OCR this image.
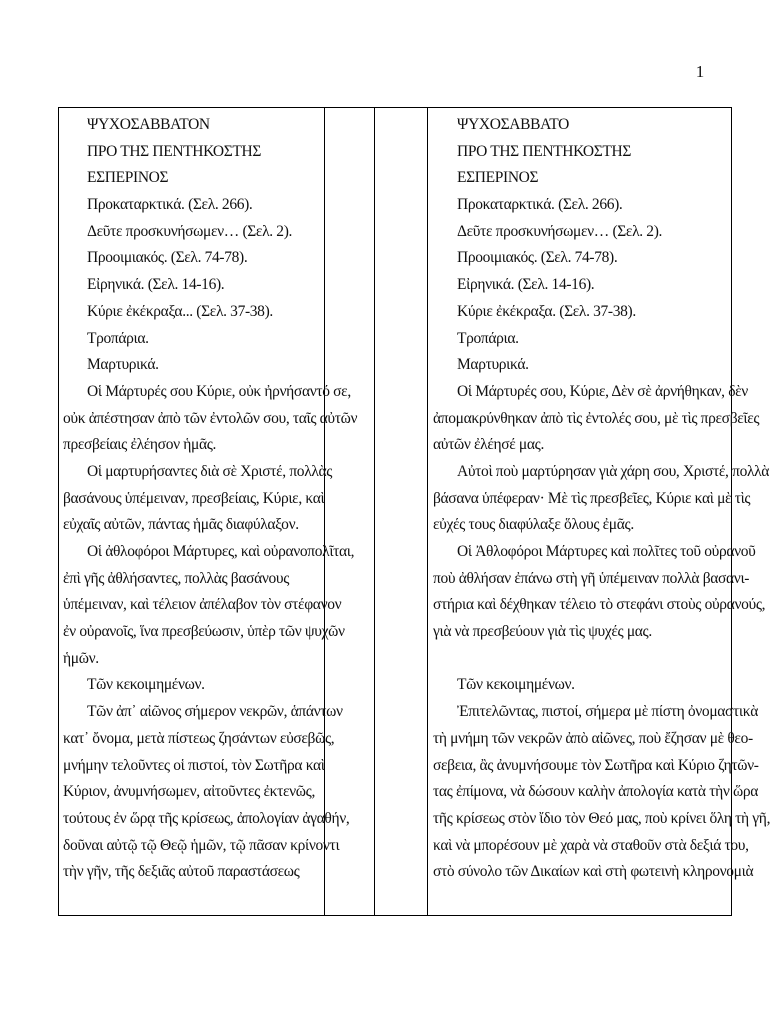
1
ΨΥΧΟΣΑΒΒΑΤΟΝ
ΠΡΟ ΤΗΣ ΠΕΝΤΗΚΟΣΤΗΣ
ΕΣΠΕΡΙΝΟΣ
Προκαταρκτικά. (Σελ. 266).
Δεῦτε προσκυνήσωμεν… (Σελ. 2).
Προοιμιακός. (Σελ. 74-78).
Εἰρηνικά. (Σελ. 14-16).
Κύριε ἐκέκραξα... (Σελ. 37-38).
Τροπάρια.
Μαρτυρικά.
Οἱ Μάρτυρές σου Κύριε, οὐκ ἠρνήσαντό σε,
οὐκ ἀπέστησαν ἀπὸ τῶν ἐντολῶν σου, ταῖς αὐτῶν
πρεσβείαις ἐλέησον ἡμᾶς.
Οἱ μαρτυρήσαντες διὰ σὲ Χριστέ, πολλὰς
βασάνους ὑπέμειναν, πρεσβείαις, Κύριε, καὶ
εὐχαῖς αὐτῶν, πάντας ἡμᾶς διαφύλαξον.
Οἱ ἀθλοφόροι Μάρτυρες, καὶ οὐρανοπολῖται,
ἐπὶ γῆς ἀθλήσαντες, πολλὰς βασάνους
ὑπέμειναν, καὶ τέλειον ἀπέλαβον τὸν στέφανον
ἐν οὐρανοῖς, ἵνα πρεσβεύωσιν, ὑπὲρ τῶν ψυχῶν
ἡμῶν.
Τῶν κεκοιμημένων.
Τῶν ἀπ᾽ αἰῶνος σήμερον νεκρῶν, ἁπάντων
κατ᾽ ὄνομα, μετὰ πίστεως ζησάντων εὐσεβῶς,
μνήμην τελοῦντες οἱ πιστοί, τὸν Σωτῆρα καὶ
Κύριον, ἀνυμνήσωμεν, αἰτοῦντες ἐκτενῶς,
τούτους ἐν ὥρᾳ τῆς κρίσεως, ἀπολογίαν ἀγαθήν,
δοῦναι αὐτῷ τῷ Θεῷ ἡμῶν, τῷ πᾶσαν κρίνοντι
τὴν γῆν, τῆς δεξιᾶς αὐτοῦ παραστάσεως
ΨΥΧΟΣΑΒΒΑΤΟ
ΠΡΟ ΤΗΣ ΠΕΝΤΗΚΟΣΤΗΣ
ΕΣΠΕΡΙΝΟΣ
Προκαταρκτικά. (Σελ. 266).
Δεῦτε προσκυνήσωμεν… (Σελ. 2).
Προοιμιακός. (Σελ. 74-78).
Εἰρηνικά. (Σελ. 14-16).
Κύριε ἐκέκραξα. (Σελ. 37-38).
Τροπάρια.
Μαρτυρικά.
Οἱ Μάρτυρές σου, Κύριε, Δὲν σὲ ἀρνήθηκαν, δὲν
ἀπομακρύνθηκαν ἀπὸ τὶς ἐντολές σου, μὲ τὶς πρεσβεῖες
αὐτῶν ἐλέησέ μας.
Αὐτοὶ ποὺ μαρτύρησαν γιὰ χάρη σου, Χριστέ, πολλὰ
βάσανα ὑπέφεραν· Μὲ τὶς πρεσβεῖες, Κύριε καὶ μὲ τὶς
εὐχές τους διαφύλαξε ὅλους ἐμᾶς.
Οἱ Ἀθλοφόροι Μάρτυρες καὶ πολῖτες τοῦ οὐρανοῦ
ποὺ ἀθλήσαν ἐπάνω στὴ γῆ ὑπέμειναν πολλὰ βασανι-
στήρια καὶ δέχθηκαν τέλειο τὸ στεφάνι στοὺς οὐρανούς,
γιὰ νὰ πρεσβεύουν γιὰ τὶς ψυχές μας.
Τῶν κεκοιμημένων.
Ἐπιτελῶντας, πιστοί, σήμερα μὲ πίστη ὀνομαστικὰ
τὴ μνήμη τῶν νεκρῶν ἀπὸ αἰῶνες, ποὺ ἔζησαν μὲ θεο-
σεβεια, ἂς ἀνυμνήσουμε τὸν Σωτῆρα καὶ Κύριο ζητῶν-
τας ἐπίμονα, νὰ δώσουν καλὴν ἀπολογία κατὰ τὴν ὥρα
τῆς κρίσεως στὸν ἴδιο τὸν Θεό μας, ποὺ κρίνει ὅλη τὴ γῆ,
καὶ νὰ μπορέσουν μὲ χαρὰ νὰ σταθοῦν στὰ δεξιά του,
στὸ σύνολο τῶν Δικαίων καὶ στὴ φωτεινὴ κληρονομιὰ
